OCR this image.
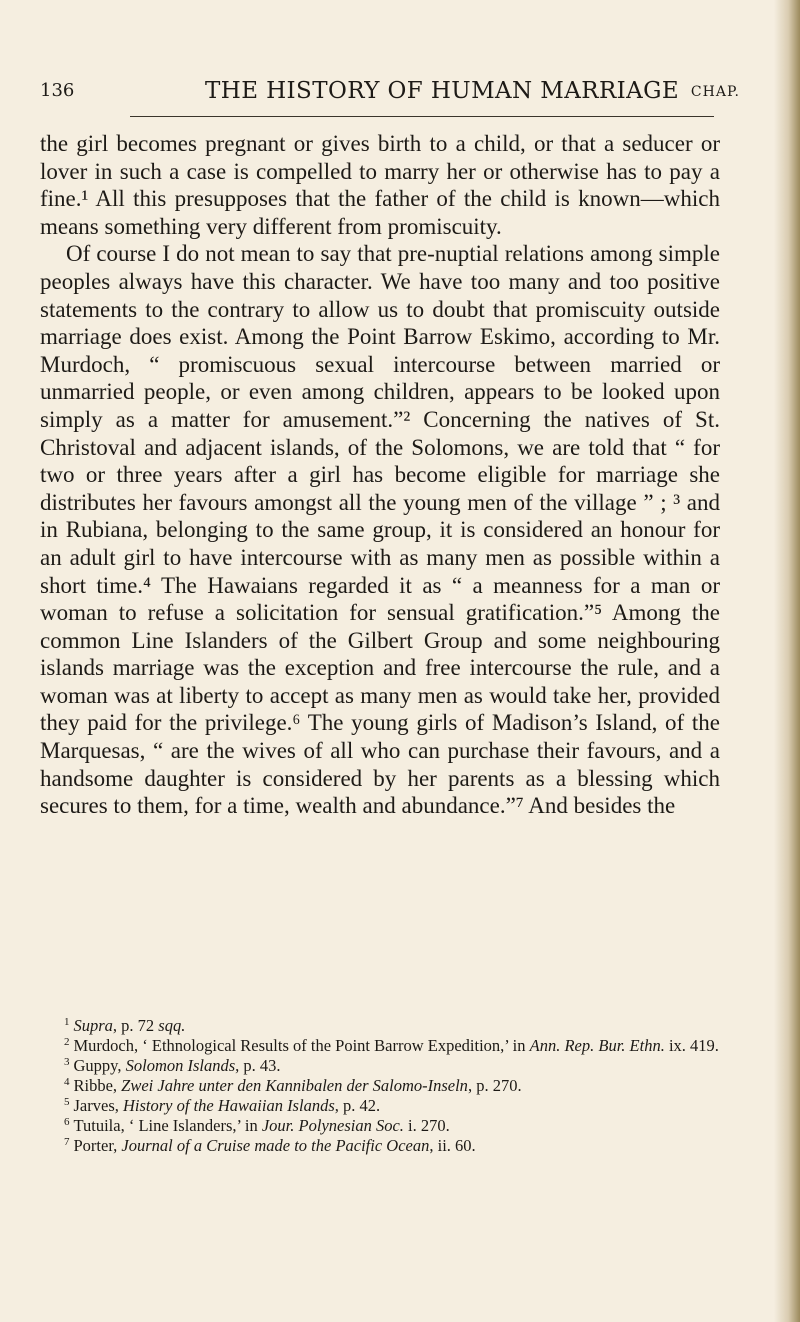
136	THE HISTORY OF HUMAN MARRIAGE CHAP.

the girl becomes pregnant or gives birth to a child, or that a seducer or lover in such a case is compelled to marry her or otherwise has to pay a fine.¹ All this presupposes that the father of the child is known—which means something very different from promiscuity.

Of course I do not mean to say that pre-nuptial relations among simple peoples always have this character. We have too many and too positive statements to the contrary to allow us to doubt that promiscuity outside marriage does exist. Among the Point Barrow Eskimo, according to Mr. Murdoch, “ promiscuous sexual intercourse between married or unmarried people, or even among children, appears to be looked upon simply as a matter for amusement.”² Concerning the natives of St. Christoval and adjacent islands, of the Solomons, we are told that “ for two or three years after a girl has become eligible for marriage she distributes her favours amongst all the young men of the village ” ; ³ and in Rubiana, belonging to the same group, it is considered an honour for an adult girl to have intercourse with as many men as possible within a short time.⁴ The Hawaians regarded it as “ a meanness for a man or woman to refuse a solicitation for sensual gratification.”⁵ Among the common Line Islanders of the Gilbert Group and some neighbouring islands marriage was the exception and free intercourse the rule, and a woman was at liberty to accept as many men as would take her, provided they paid for the privilege.⁶ The young girls of Madison’s Island, of the Marquesas, “ are the wives of all who can purchase their favours, and a handsome daughter is considered by her parents as a blessing which secures to them, for a time, wealth and abundance.”⁷ And besides the

$^1$ Supra, p. 72 sqq.

$^2$ Murdoch, ‘ Ethnological Results of the Point Barrow Expedition,’ in Ann. Rep. Bur. Ethn. ix. 419.

$^3$ Guppy, Solomon Islands, p. 43.

$^4$ Ribbe, Zwei Jahre unter den Kannibalen der Salomo-Inseln, p. 270.

$^5$ Jarves, History of the Hawaiian Islands, p. 42.

$^6$ Tutuila, ‘ Line Islanders,’ in Jour. Polynesian Soc. i. 270.

$^7$ Porter, Journal of a Cruise made to the Pacific Ocean, ii. 60.
